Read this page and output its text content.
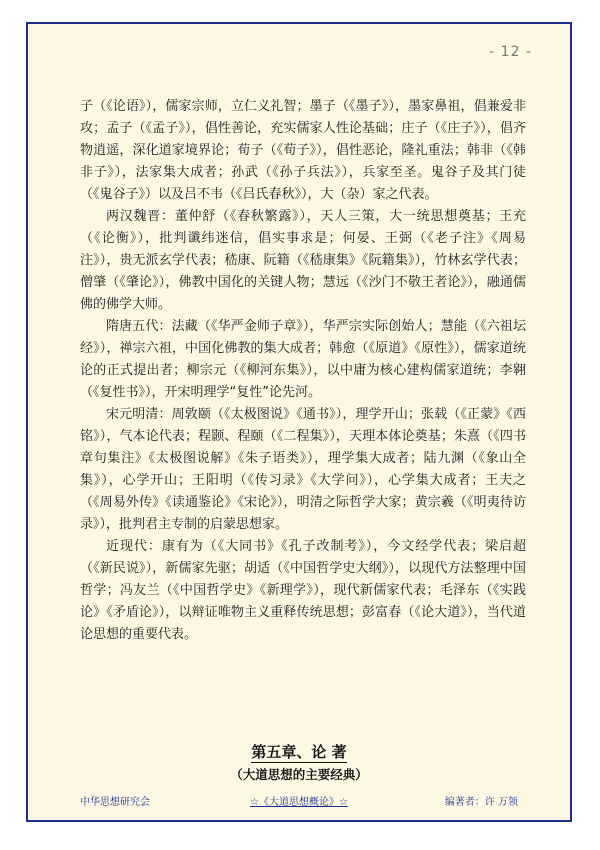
- 12 -

子（《论语》），儒家宗师，立仁义礼智；墨子（《墨子》），墨家鼻祖，倡兼爱非攻；孟子（《孟子》），倡性善论，充实儒家人性论基础；庄子（《庄子》），倡齐物逍遥，深化道家境界论；荀子（《荀子》），倡性恶论，隆礼重法；韩非（《韩非子》），法家集大成者；孙武（《孙子兵法》），兵家至圣。鬼谷子及其门徒（《鬼谷子》）以及吕不韦（《吕氏春秋》），大（杂）家之代表。

两汉魏晋：董仲舒（《春秋繁露》），天人三策，大一统思想奠基；王充（《论衡》），批判谶纬迷信，倡实事求是；何晏、王弼（《老子注》《周易注》），贵无派玄学代表；嵇康、阮籍（《嵇康集》《阮籍集》），竹林玄学代表；僧肇（《肇论》），佛教中国化的关键人物；慧远（《沙门不敬王者论》），融通儒佛的佛学大师。

隋唐五代：法藏（《华严金师子章》），华严宗实际创始人；慧能（《六祖坛经》），禅宗六祖，中国化佛教的集大成者；韩愈（《原道》《原性》），儒家道统论的正式提出者；柳宗元（《柳河东集》），以中庸为核心建构儒家道统；李翱（《复性书》），开宋明理学“复性”论先河。

宋元明清：周敦颐（《太极图说》《通书》），理学开山；张载（《正蒙》《西铭》），气本论代表；程颢、程颐（《二程集》），天理本体论奠基；朱熹（《四书章句集注》《太极图说解》《朱子语类》），理学集大成者；陆九渊（《象山全集》），心学开山；王阳明（《传习录》《大学问》），心学集大成者；王夫之（《周易外传》《读通鉴论》《宋论》），明清之际哲学大家；黄宗羲（《明夷待访录》），批判君主专制的启蒙思想家。

近现代：康有为（《大同书》《孔子改制考》），今文经学代表；梁启超（《新民说》），新儒家先驱；胡适（《中国哲学史大纲》），以现代方法整理中国哲学；冯友兰（《中国哲学史》《新理学》），现代新儒家代表；毛泽东（《实践论》《矛盾论》），以辩证唯物主义重释传统思想；彭富春（《论大道》），当代道论思想的重要代表。

第五章、论 著
（大道思想的主要经典）
中华思想研究会	☆《大道思想概论》☆	编著者：许 万领
